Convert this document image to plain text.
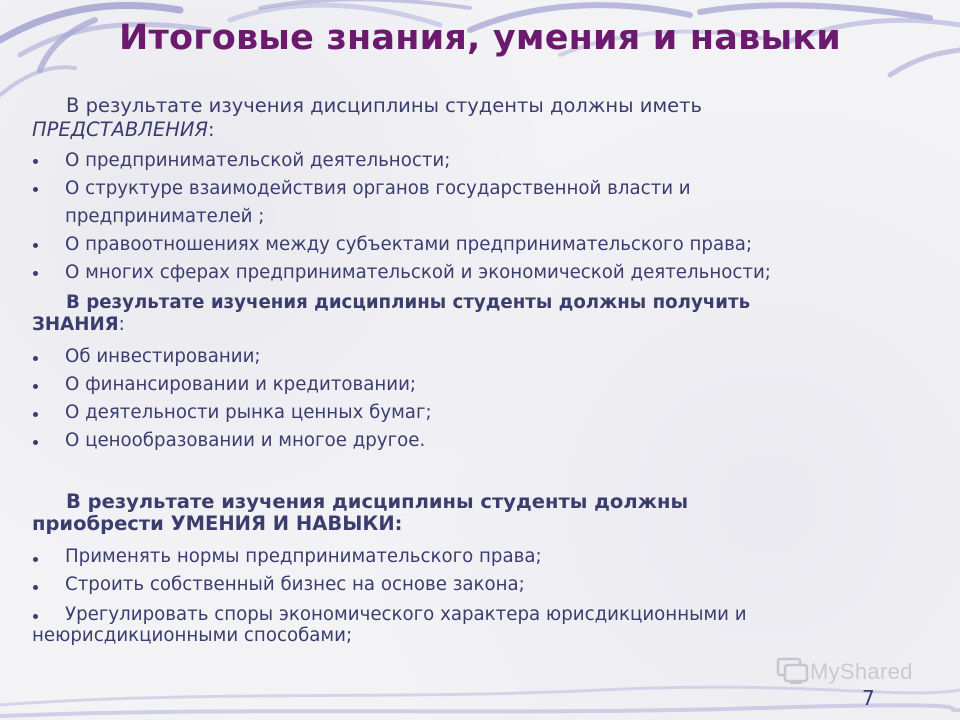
Итоговые знания, умения и навыки
В результате изучения дисциплины студенты должны иметь
ПРЕДСТАВЛЕНИЯ:
О предпринимательской деятельности;
О структуре взаимодействия органов государственной власти и
предпринимателей ;
О правоотношениях между субъектами предпринимательского права;
О многих сферах предпринимательской и экономической деятельности;
В результате изучения дисциплины студенты должны получить
ЗНАНИЯ:
Об инвестировании;
О финансировании и кредитовании;
О деятельности рынка ценных бумаг;
О ценообразовании и многое другое.
В результате изучения дисциплины студенты должны
приобрести УМЕНИЯ И НАВЫКИ:
Применять нормы предпринимательского права;
Строить собственный бизнес на основе закона;
Урегулировать споры экономического характера юрисдикционными и
неюрисдикционными способами;
MyShared
7
